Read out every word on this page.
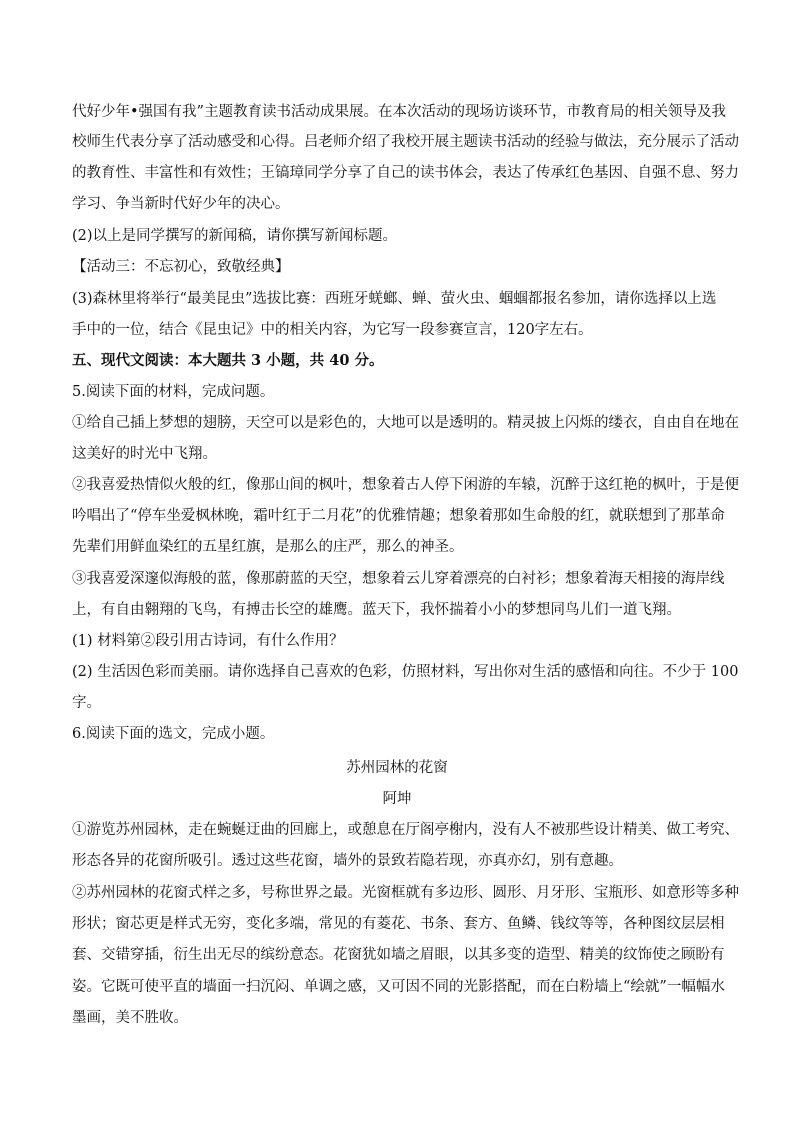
代好少年•强国有我”主题教育读书活动成果展。在本次活动的现场访谈环节，市教育局的相关领导及我
校师生代表分享了活动感受和心得。吕老师介绍了我校开展主题读书活动的经验与做法，充分展示了活动
的教育性、丰富性和有效性；王镐璋同学分享了自己的读书体会，表达了传承红色基因、自强不息、努力
学习、争当新时代好少年的决心。
(2)以上是同学撰写的新闻稿，请你撰写新闻标题。
【活动三：不忘初心，致敬经典】
(3)森林里将举行“最美昆虫”选拔比赛：西班牙蜣螂、蝉、萤火虫、蝈蝈都报名参加，请你选择以上选
手中的一位，结合《昆虫记》中的相关内容，为它写一段参赛宣言，120字左右。
五、现代文阅读：本大题共 3 小题，共 40 分。
5.阅读下面的材料，完成问题。
①给自己插上梦想的翅膀，天空可以是彩色的，大地可以是透明的。精灵披上闪烁的缕衣，自由自在地在
这美好的时光中飞翔。
②我喜爱热情似火般的红，像那山间的枫叶，想象着古人停下闲游的车辕，沉醉于这红艳的枫叶，于是便
吟唱出了“停车坐爱枫林晚，霜叶红于二月花”的优雅情趣；想象着那如生命般的红，就联想到了那革命
先辈们用鲜血染红的五星红旗，是那么的庄严，那么的神圣。
③我喜爱深邃似海般的蓝，像那蔚蓝的天空，想象着云儿穿着漂亮的白衬衫；想象着海天相接的海岸线
上，有自由翱翔的飞鸟，有搏击长空的雄鹰。蓝天下，我怀揣着小小的梦想同鸟儿们一道飞翔。
(1) 材料第②段引用古诗词，有什么作用？
(2) 生活因色彩而美丽。请你选择自己喜欢的色彩，仿照材料，写出你对生活的感悟和向往。不少于 100
字。
6.阅读下面的选文，完成小题。
苏州园林的花窗
阿坤
①游览苏州园林，走在蜿蜒迂曲的回廊上，或憩息在厅阁亭榭内，没有人不被那些设计精美、做工考究、
形态各异的花窗所吸引。透过这些花窗，墙外的景致若隐若现，亦真亦幻，别有意趣。
②苏州园林的花窗式样之多，号称世界之最。光窗框就有多边形、圆形、月牙形、宝瓶形、如意形等多种
形状；窗芯更是样式无穷，变化多端，常见的有菱花、书条、套方、鱼鳞、钱纹等等，各种图纹层层相
套、交错穿插，衍生出无尽的缤纷意态。花窗犹如墙之眉眼，以其多变的造型、精美的纹饰使之顾盼有
姿。它既可使平直的墙面一扫沉闷、单调之感，又可因不同的光影搭配，而在白粉墙上“绘就”一幅幅水
墨画，美不胜收。
